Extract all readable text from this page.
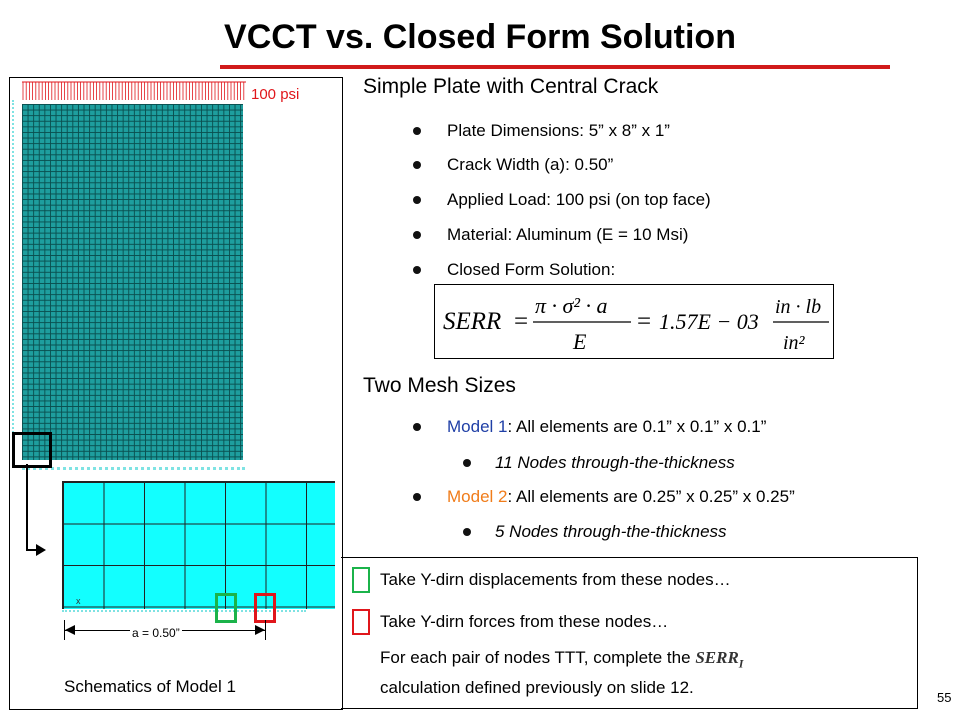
VCCT vs. Closed Form Solution
100 psi
x
a = 0.50”
Schematics of Model 1
Simple Plate with Central Crack
Plate Dimensions: 5” x 8” x 1”
Crack Width (a): 0.50”
Applied Load: 100 psi (on top face)
Material: Aluminum (E = 10 Msi)
Closed Form Solution:
SERR =
π · σ² · a
E
= 1.57E − 03
in · lb
in²
Two Mesh Sizes
Model 1: All elements are 0.1” x 0.1” x 0.1”
11 Nodes through-the-thickness
Model 2: All elements are 0.25” x 0.25” x 0.25”
5 Nodes through-the-thickness
Take Y-dirn displacements from these nodes…
Take Y-dirn forces from these nodes…
For each pair of nodes TTT, complete the $SERR_I$
calculation defined previously on slide 12.
55
